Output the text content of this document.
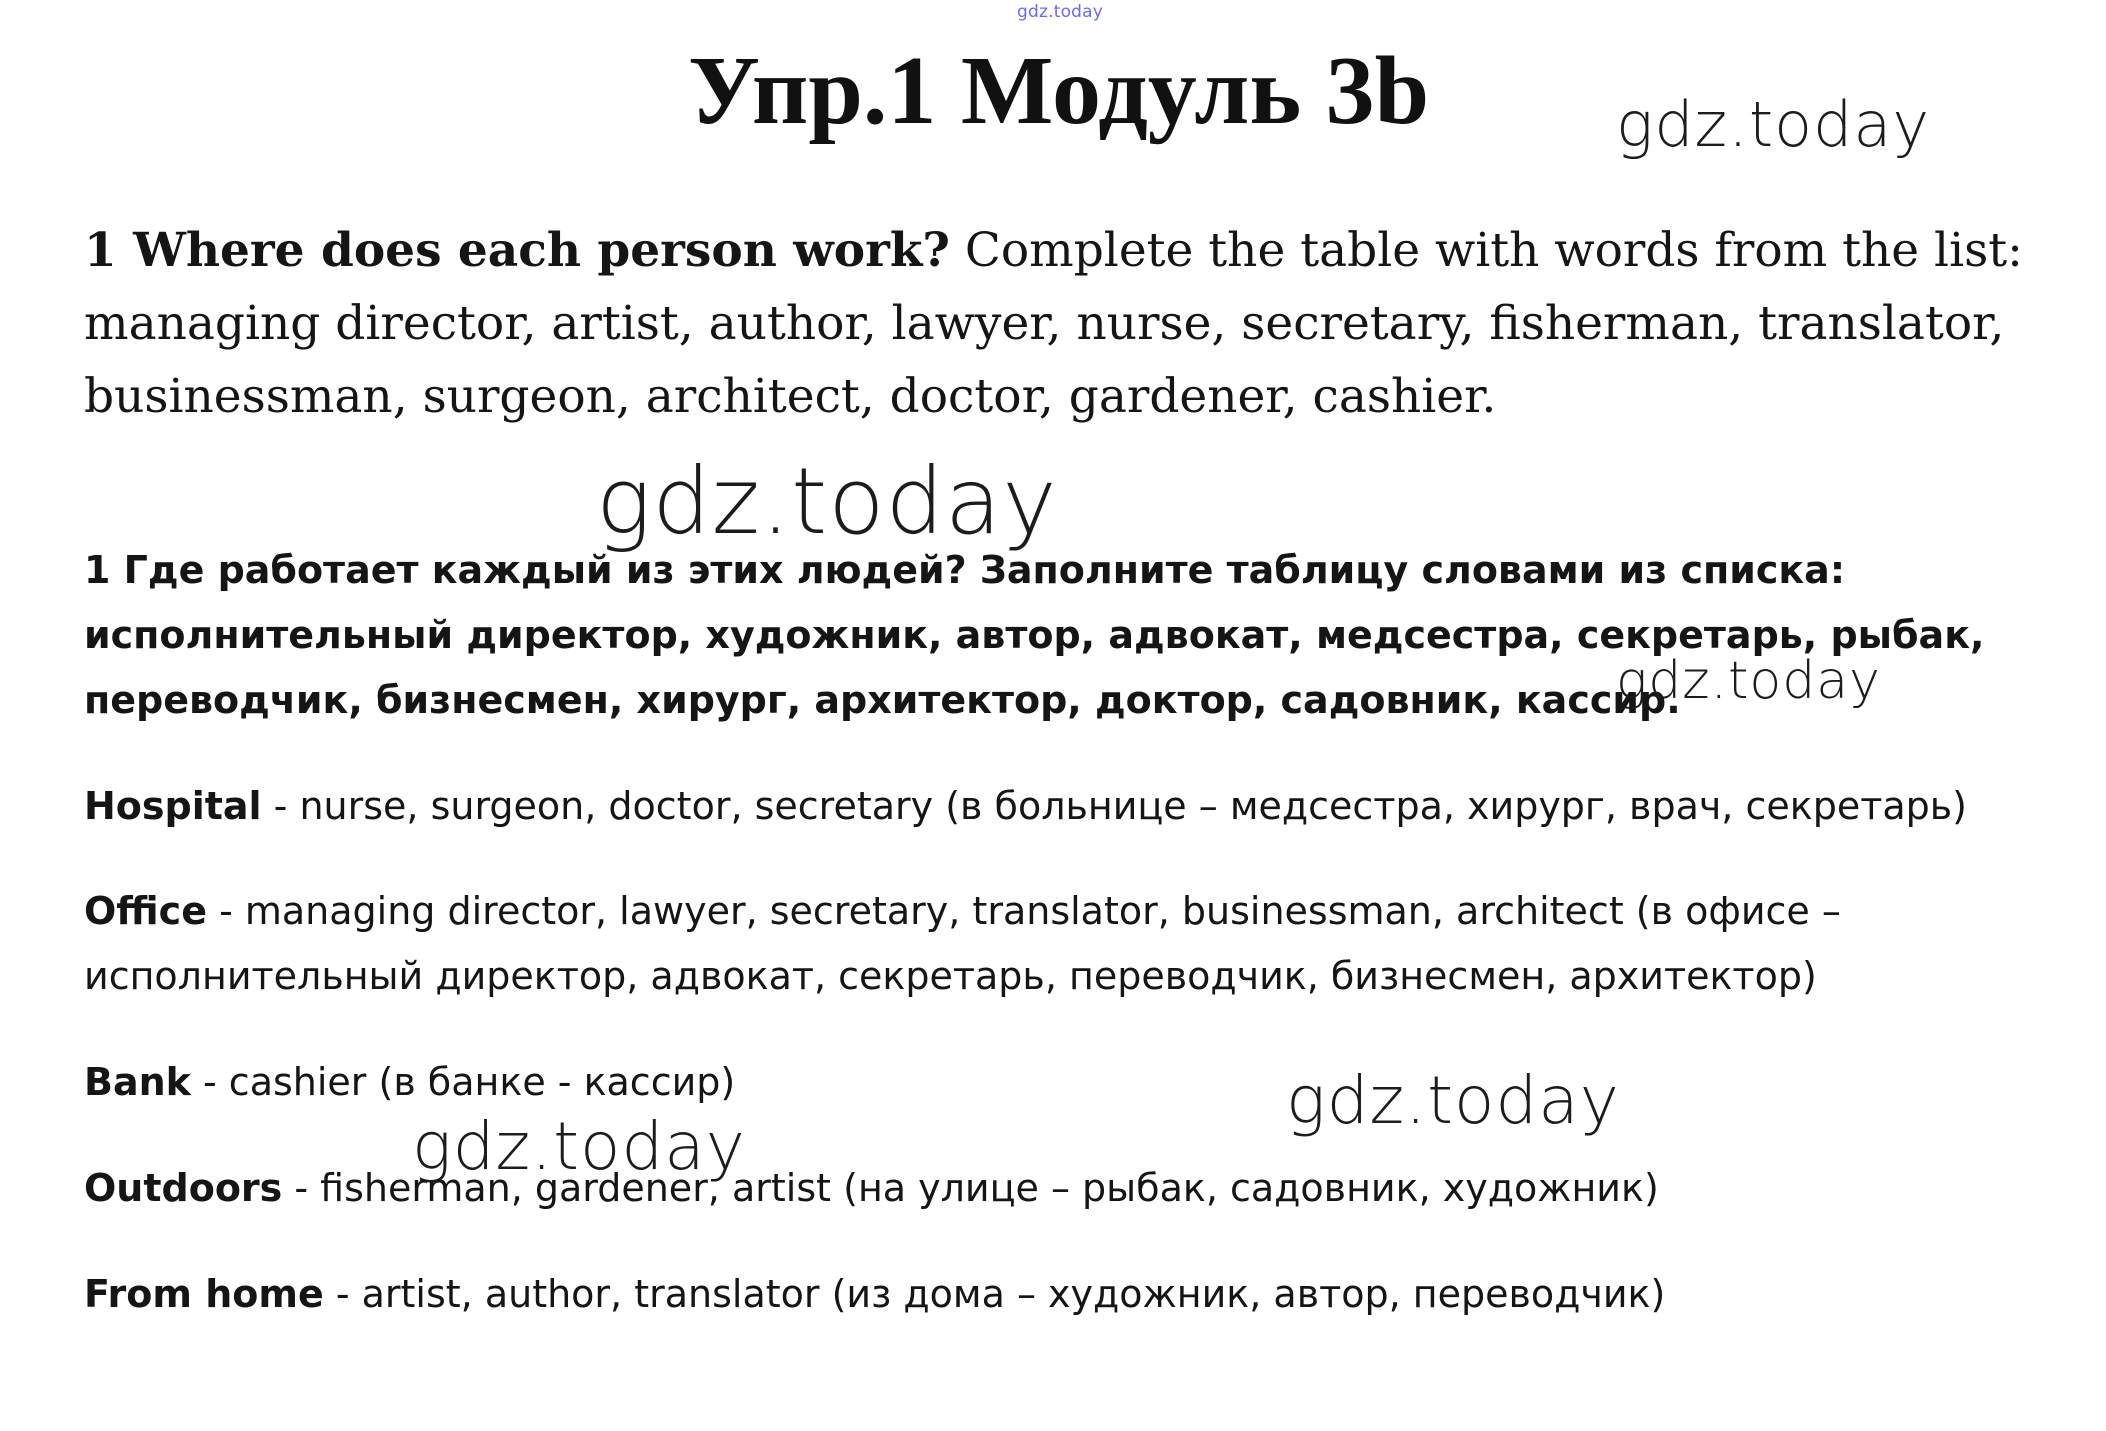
gdz.today
Упр.1 Модуль 3b	gdz.today
1 Where does each person work? Complete the table with words from the list: managing director, artist, author, lawyer, nurse, secretary, fisherman, translator, businessman, surgeon, architect, doctor, gardener, cashier.
gdz.today
1 Где работает каждый из этих людей? Заполните таблицу словами из списка: исполнительный директор, художник, автор, адвокат, медсестра, секретарь, рыбак, переводчик, бизнесмен, хирург, архитектор, доктор, садовник, кассир.
gdz.today
Hospital - nurse, surgeon, doctor, secretary (в больнице – медсестра, хирург, врач, секретарь)
Office - managing director, lawyer, secretary, translator, businessman, architect (в офисе – исполнительный директор, адвокат, секретарь, переводчик, бизнесмен, архитектор)
Bank - cashier (в банке - кассир)	gdz.today
gdz.today
Outdoors - fisherman, gardener, artist (на улице – рыбак, садовник, художник)
From home - artist, author, translator (из дома – художник, автор, переводчик)
